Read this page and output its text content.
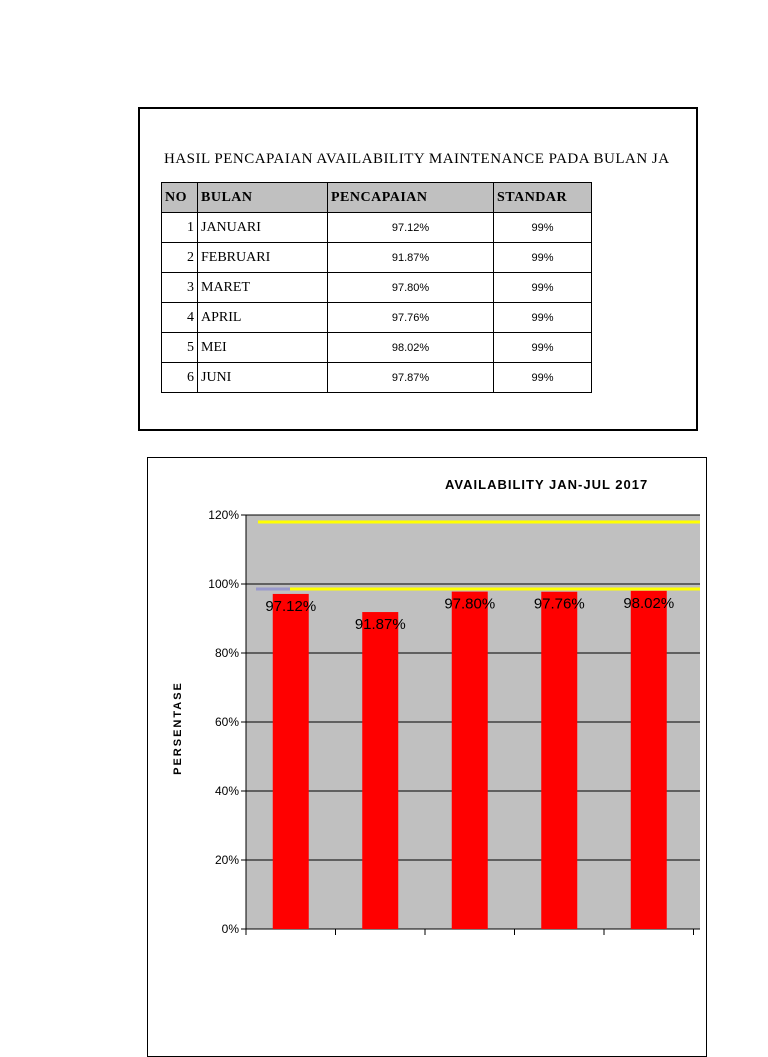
HASIL PENCAPAIAN AVAILABILITY MAINTENANCE PADA BULAN JA
NO	BULAN	PENCAPAIAN	STANDAR
1	JANUARI	97.12%	99%
2	FEBRUARI	91.87%	99%
3	MARET	97.80%	99%
4	APRIL	97.76%	99%
5	MEI	98.02%	99%
6	JUNI	97.87%	99%
AVAILABILITY JAN-JUL 2017
PERSENTASE
0%
20%
40%
60%
80%
100%
120%
97.12%
91.87%
97.80%	97.76%	98.02%
